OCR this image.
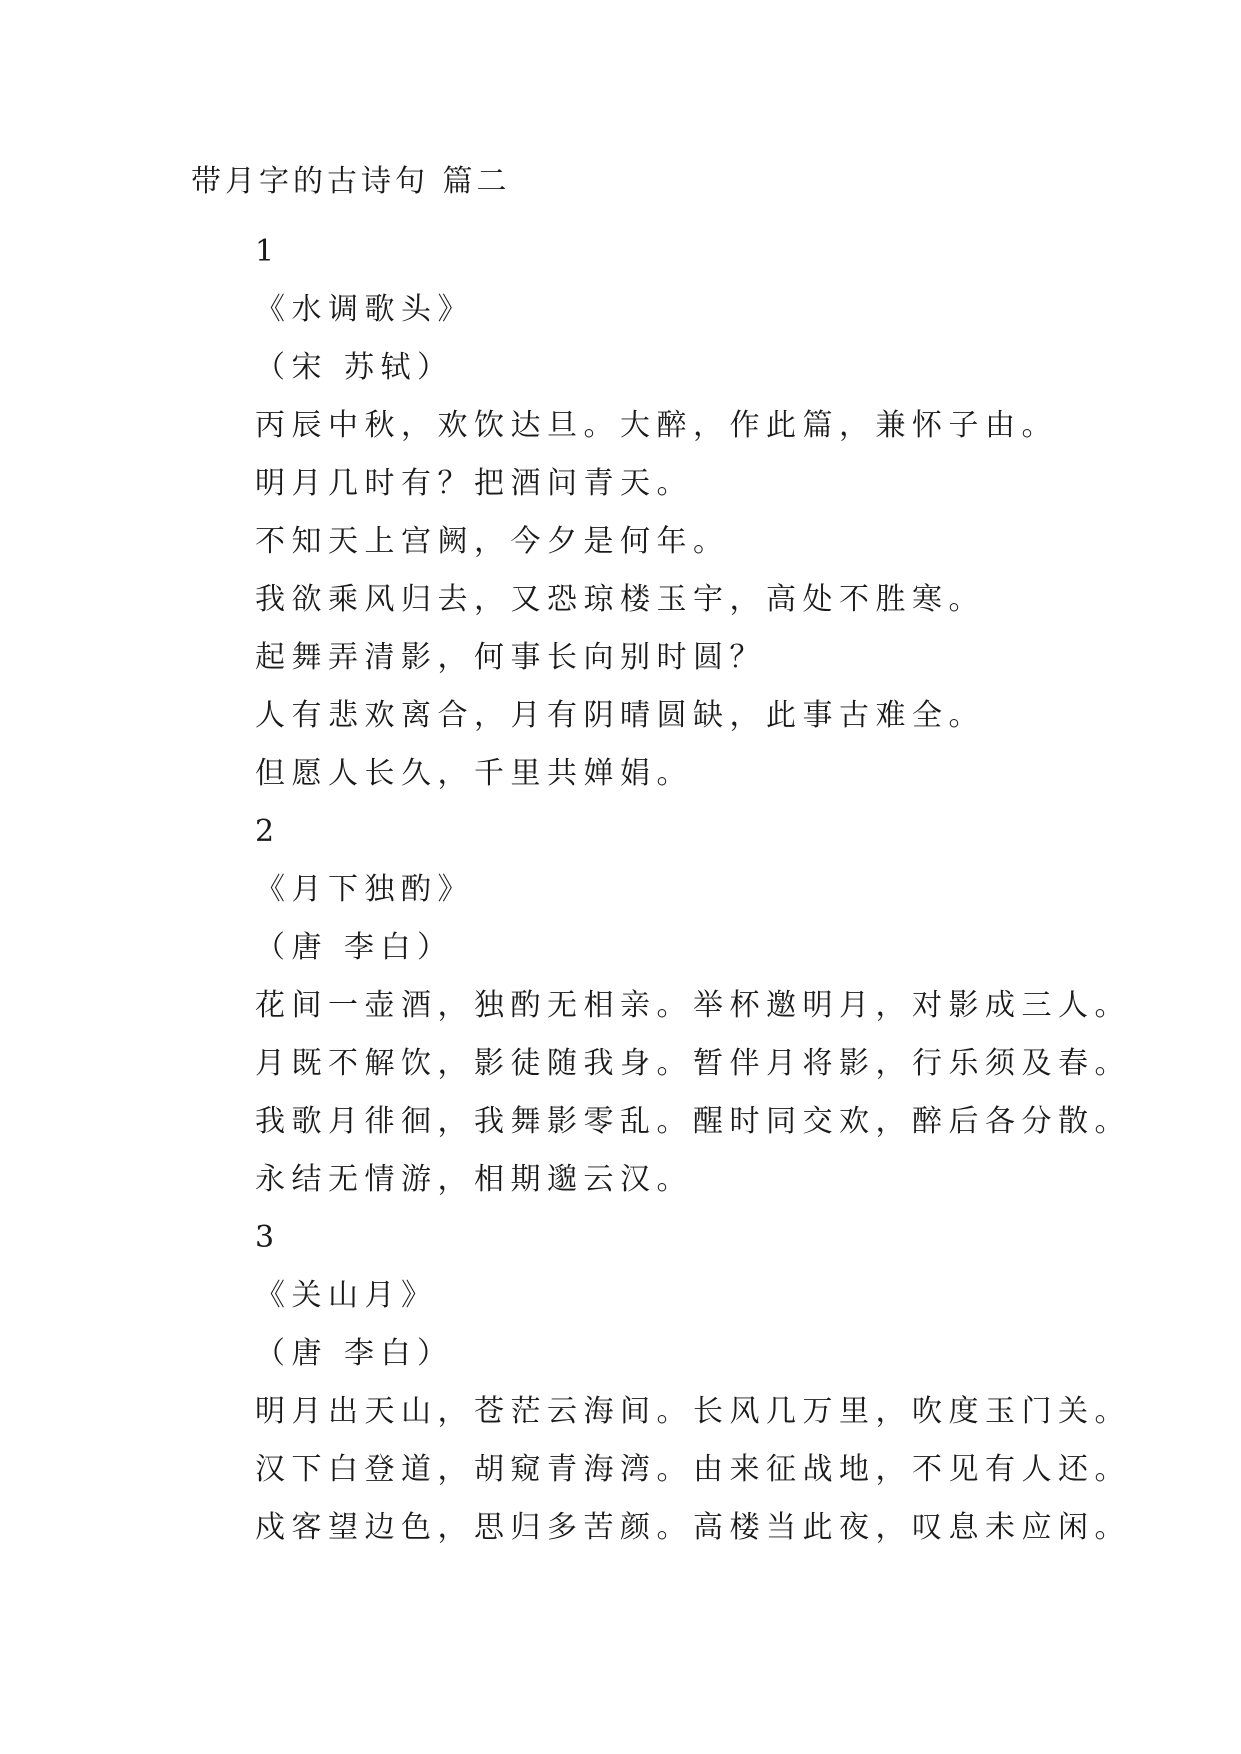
带月字的古诗句 篇二
1
《水调歌头》
（宋 苏轼）
丙辰中秋，欢饮达旦。大醉，作此篇，兼怀子由。
明月几时有？把酒问青天。
不知天上宫阙，今夕是何年。
我欲乘风归去，又恐琼楼玉宇，高处不胜寒。
起舞弄清影，何事长向别时圆？
人有悲欢离合，月有阴晴圆缺，此事古难全。
但愿人长久，千里共婵娟。
2
《月下独酌》
（唐 李白）
花间一壶酒，独酌无相亲。举杯邀明月，对影成三人。
月既不解饮，影徒随我身。暂伴月将影，行乐须及春。
我歌月徘徊，我舞影零乱。醒时同交欢，醉后各分散。
永结无情游，相期邈云汉。
3
《关山月》
（唐 李白）
明月出天山，苍茫云海间。长风几万里，吹度玉门关。
汉下白登道，胡窥青海湾。由来征战地，不见有人还。
戍客望边色，思归多苦颜。高楼当此夜，叹息未应闲。
